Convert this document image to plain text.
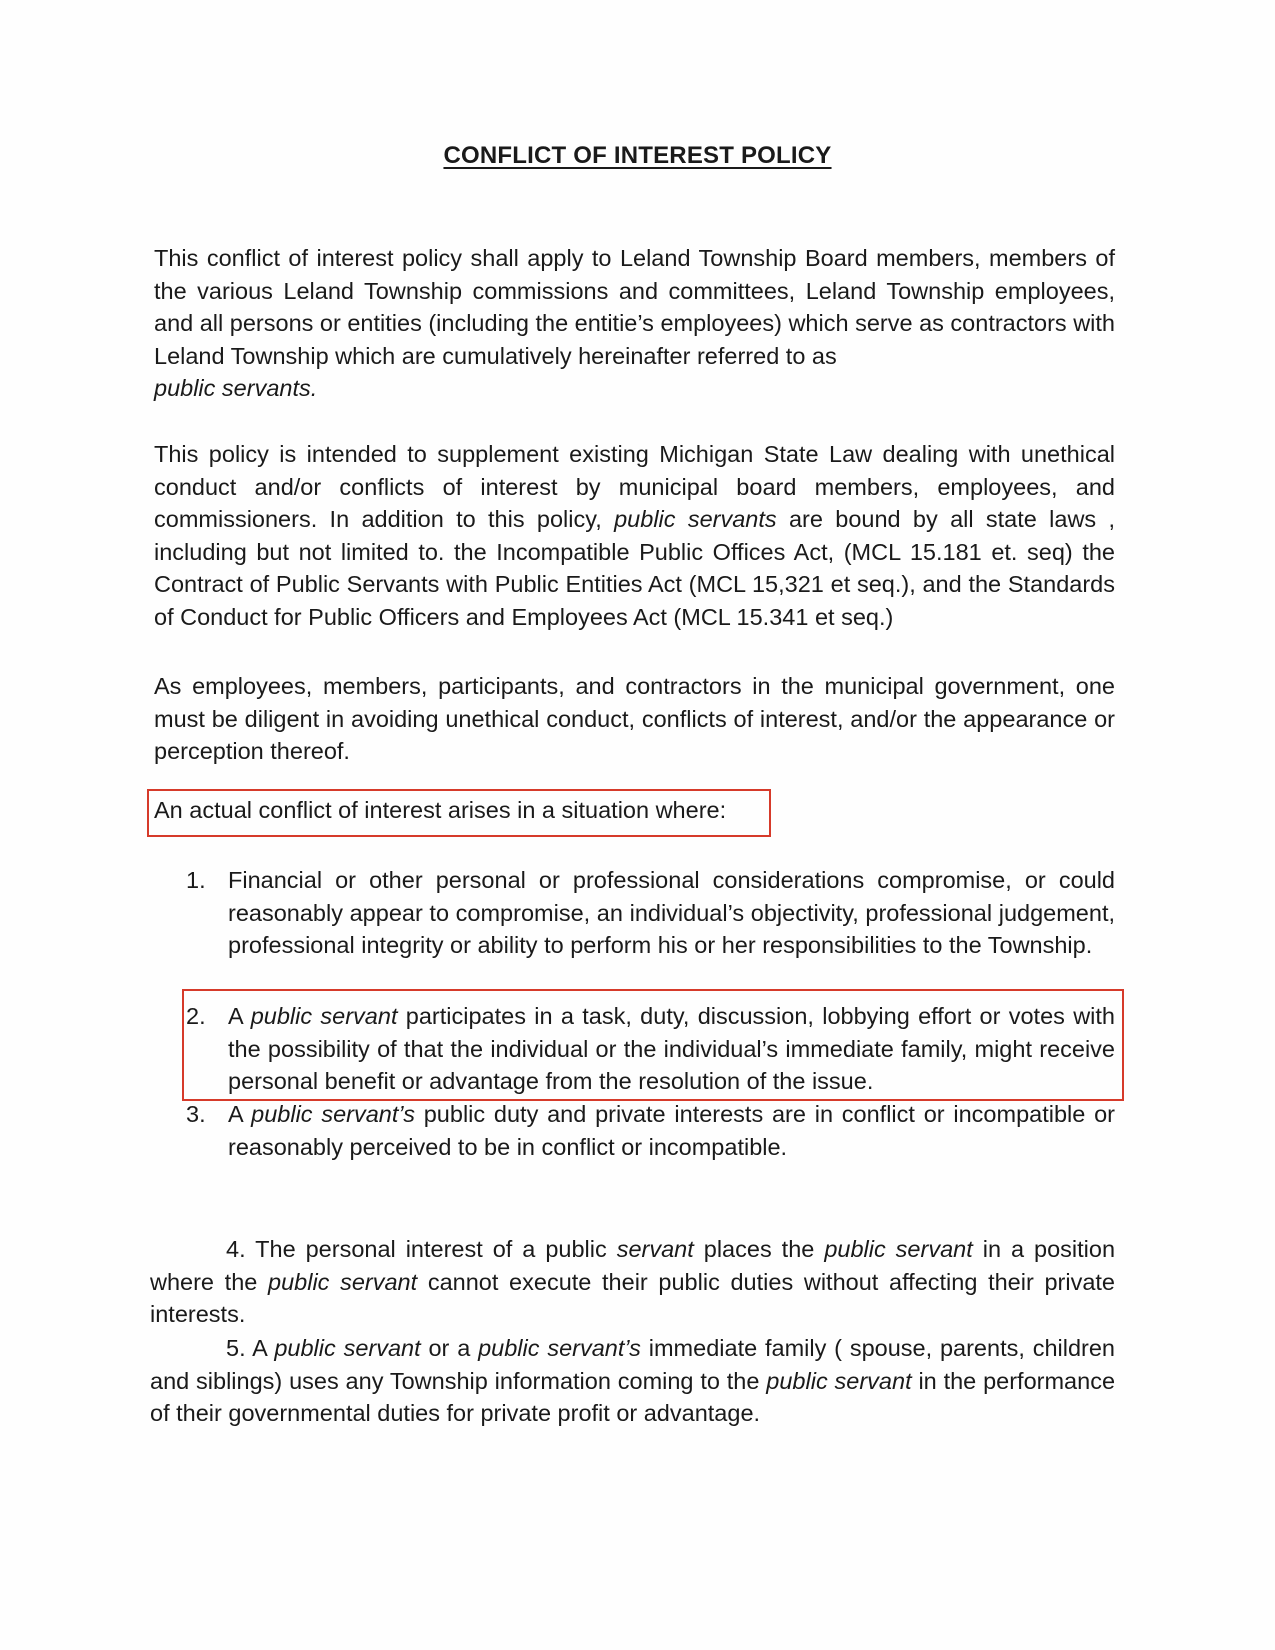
CONFLICT OF INTEREST POLICY
This conflict of interest policy shall apply to Leland Township Board members, members of the various Leland Township commissions and committees, Leland Township employees, and all persons or entities (including the entitie’s employees) which serve as contractors with Leland Township which are cumulatively hereinafter referred to as
public servants.
This policy is intended to supplement existing Michigan State Law dealing with unethical conduct and/or conflicts of interest by municipal board members, employees, and commissioners. In addition to this policy, public servants are bound by all state laws , including but not limited to. the Incompatible Public Offices Act, (MCL 15.181 et. seq) the Contract of Public Servants with Public Entities Act (MCL 15,321 et seq.), and the Standards of Conduct for Public Officers and Employees Act (MCL 15.341 et seq.)
As employees, members, participants, and contractors in the municipal government, one must be diligent in avoiding unethical conduct, conflicts of interest, and/or the appearance or perception thereof.
An actual conflict of interest arises in a situation where:
1. Financial or other personal or professional considerations compromise, or could reasonably appear to compromise, an individual’s objectivity, professional judgement, professional integrity or ability to perform his or her responsibilities to the Township.
2. A public servant participates in a task, duty, discussion, lobbying effort or votes with the possibility of that the individual or the individual’s immediate family, might receive personal benefit or advantage from the resolution of the issue.
3. A public servant’s public duty and private interests are in conflict or incompatible or reasonably perceived to be in conflict or incompatible.
4. The personal interest of a public servant places the public servant in a position where the public servant cannot execute their public duties without affecting their private interests.
5. A public servant or a public servant’s immediate family ( spouse, parents, children and siblings) uses any Township information coming to the public servant in the performance of their governmental duties for private profit or advantage.
